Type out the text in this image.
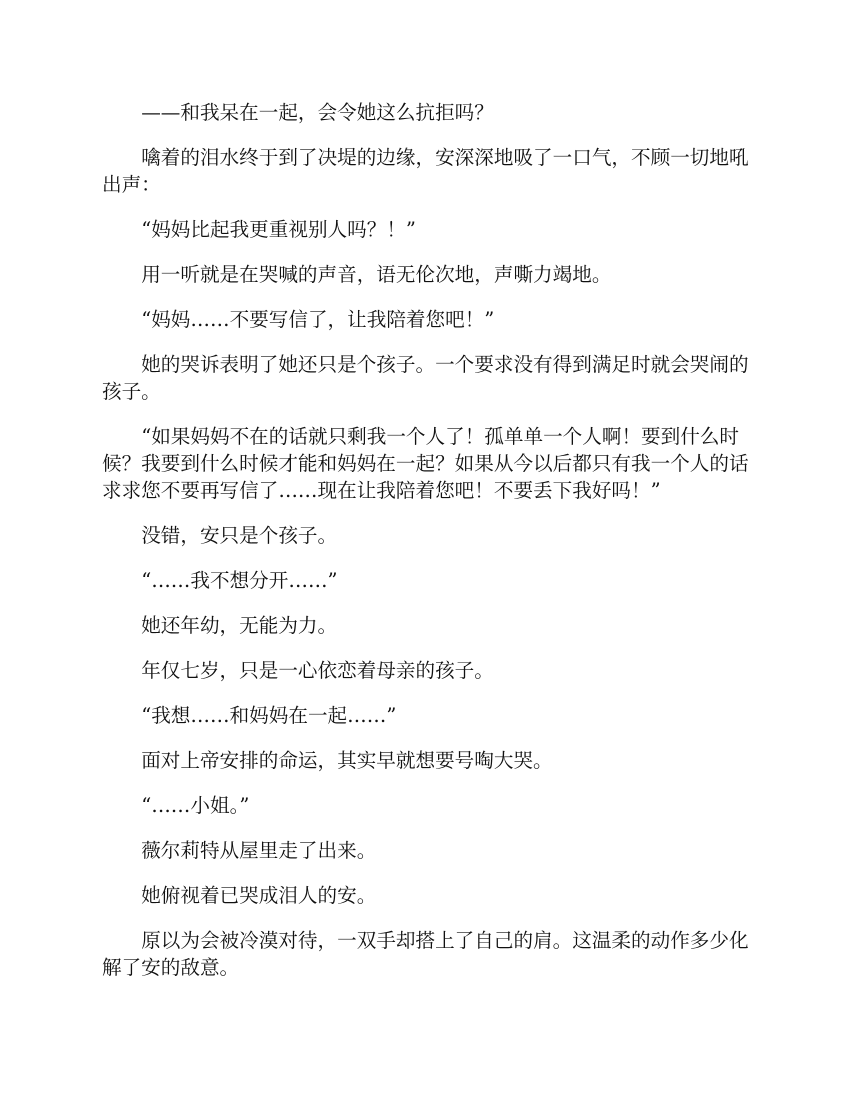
——和我呆在一起，会令她这么抗拒吗？

噙着的泪水终于到了决堤的边缘，安深深地吸了一口气，不顾一切地吼出声：

“妈妈比起我更重视别人吗？！”

用一听就是在哭喊的声音，语无伦次地，声嘶力竭地。

“妈妈……不要写信了，让我陪着您吧！”

她的哭诉表明了她还只是个孩子。一个要求没有得到满足时就会哭闹的孩子。

“如果妈妈不在的话就只剩我一个人了！孤单单一个人啊！要到什么时候？我要到什么时候才能和妈妈在一起？如果从今以后都只有我一个人的话求求您不要再写信了……现在让我陪着您吧！不要丢下我好吗！”

没错，安只是个孩子。

“……我不想分开……”

她还年幼，无能为力。

年仅七岁，只是一心依恋着母亲的孩子。

“我想……和妈妈在一起……”

面对上帝安排的命运，其实早就想要号啕大哭。

“……小姐。”

薇尔莉特从屋里走了出来。

她俯视着已哭成泪人的安。

原以为会被冷漠对待，一双手却搭上了自己的肩。这温柔的动作多少化解了安的敌意。
